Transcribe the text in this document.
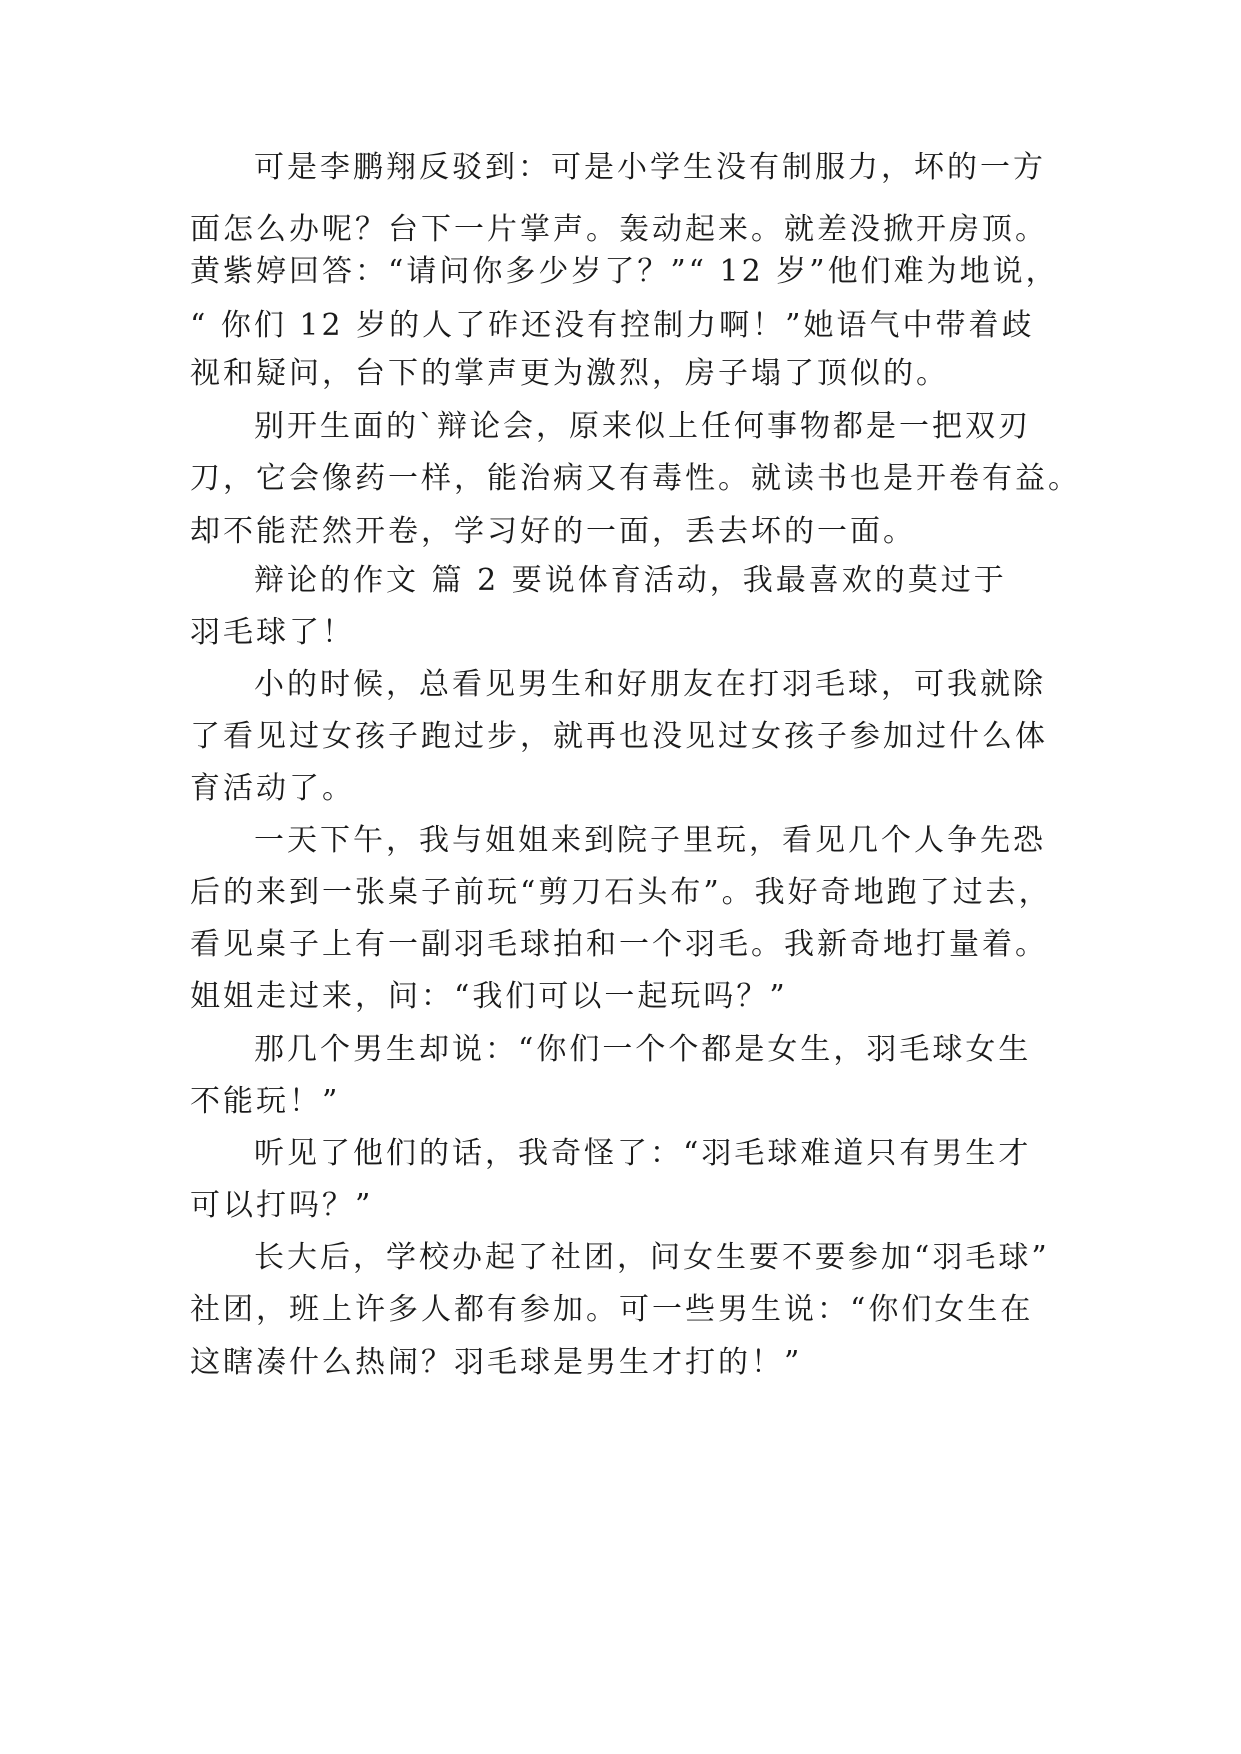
可是李鹏翔反驳到：可是小学生没有制服力，坏的一方
面怎么办呢？台下一片掌声。轰动起来。就差没掀开房顶。
黄紫婷回答：“请问你多少岁了？”“ 12 岁”他们难为地说，
“ 你们 12 岁的人了砟还没有控制力啊！”她语气中带着歧
视和疑问，台下的掌声更为激烈，房子塌了顶似的。
别开生面的`辩论会，原来似上任何事物都是一把双刃
刀，它会像药一样，能治病又有毒性。就读书也是开卷有益。
却不能茫然开卷，学习好的一面，丢去坏的一面。
辩论的作文 篇 2 要说体育活动，我最喜欢的莫过于
羽毛球了！
小的时候，总看见男生和好朋友在打羽毛球，可我就除
了看见过女孩子跑过步，就再也没见过女孩子参加过什么体
育活动了。
一天下午，我与姐姐来到院子里玩，看见几个人争先恐
后的来到一张桌子前玩“剪刀石头布”。我好奇地跑了过去，
看见桌子上有一副羽毛球拍和一个羽毛。我新奇地打量着。
姐姐走过来，问：“我们可以一起玩吗？”
那几个男生却说：“你们一个个都是女生，羽毛球女生
不能玩！”
听见了他们的话，我奇怪了：“羽毛球难道只有男生才
可以打吗？”
长大后，学校办起了社团，问女生要不要参加“羽毛球”
社团，班上许多人都有参加。可一些男生说：“你们女生在
这瞎凑什么热闹？羽毛球是男生才打的！”
